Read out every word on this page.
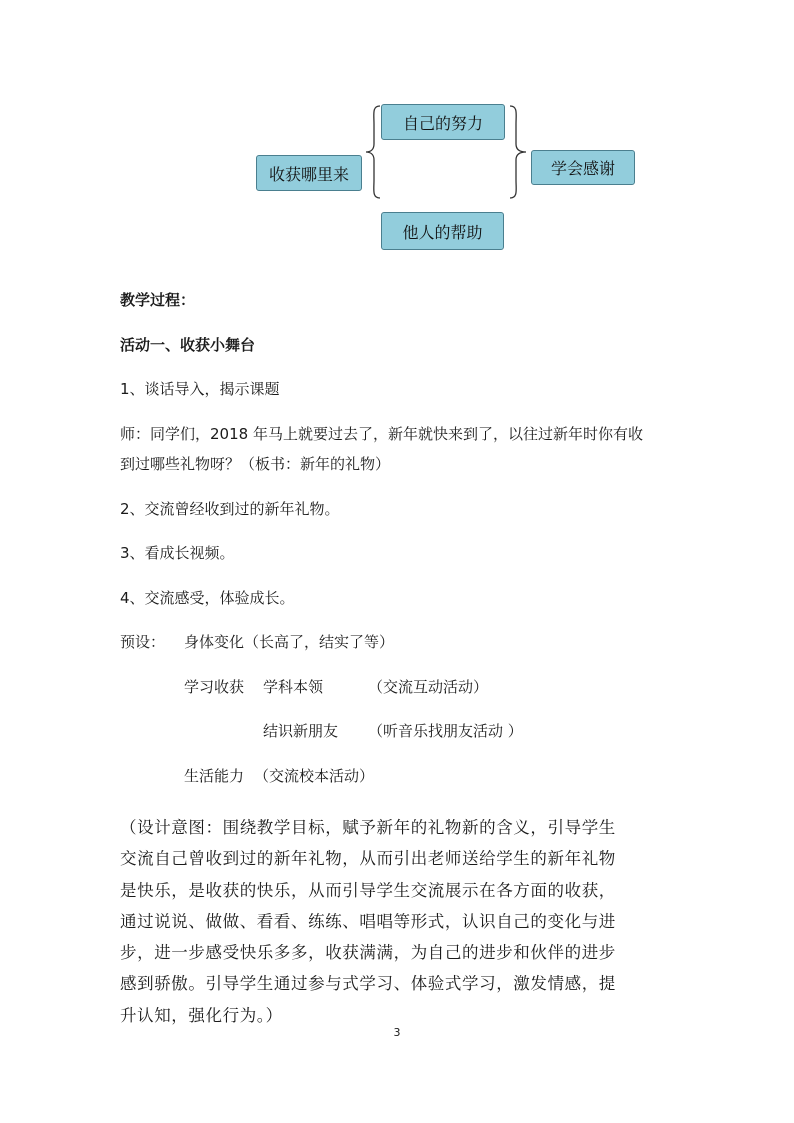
收获哪里来
自己的努力
学会感谢
他人的帮助
教学过程：
活动一、收获小舞台
1、谈话导入，揭示课题
师：同学们，2018 年马上就要过去了，新年就快来到了，以往过新年时你有收
到过哪些礼物呀？（板书：新年的礼物）
2、交流曾经收到过的新年礼物。
3、看成长视频。
4、交流感受，体验成长。
预设： 身体变化（长高了，结实了等）
学习收获 学科本领	（交流互动活动）
结识新朋友 （听音乐找朋友活动 ）
生活能力 （交流校本活动）
（设计意图：围绕教学目标，赋予新年的礼物新的含义，引导学生
交流自己曾收到过的新年礼物，从而引出老师送给学生的新年礼物
是快乐，是收获的快乐，从而引导学生交流展示在各方面的收获，
通过说说、做做、看看、练练、唱唱等形式，认识自己的变化与进
步，进一步感受快乐多多，收获满满，为自己的进步和伙伴的进步
感到骄傲。引导学生通过参与式学习、体验式学习，激发情感，提
升认知，强化行为。）
3
